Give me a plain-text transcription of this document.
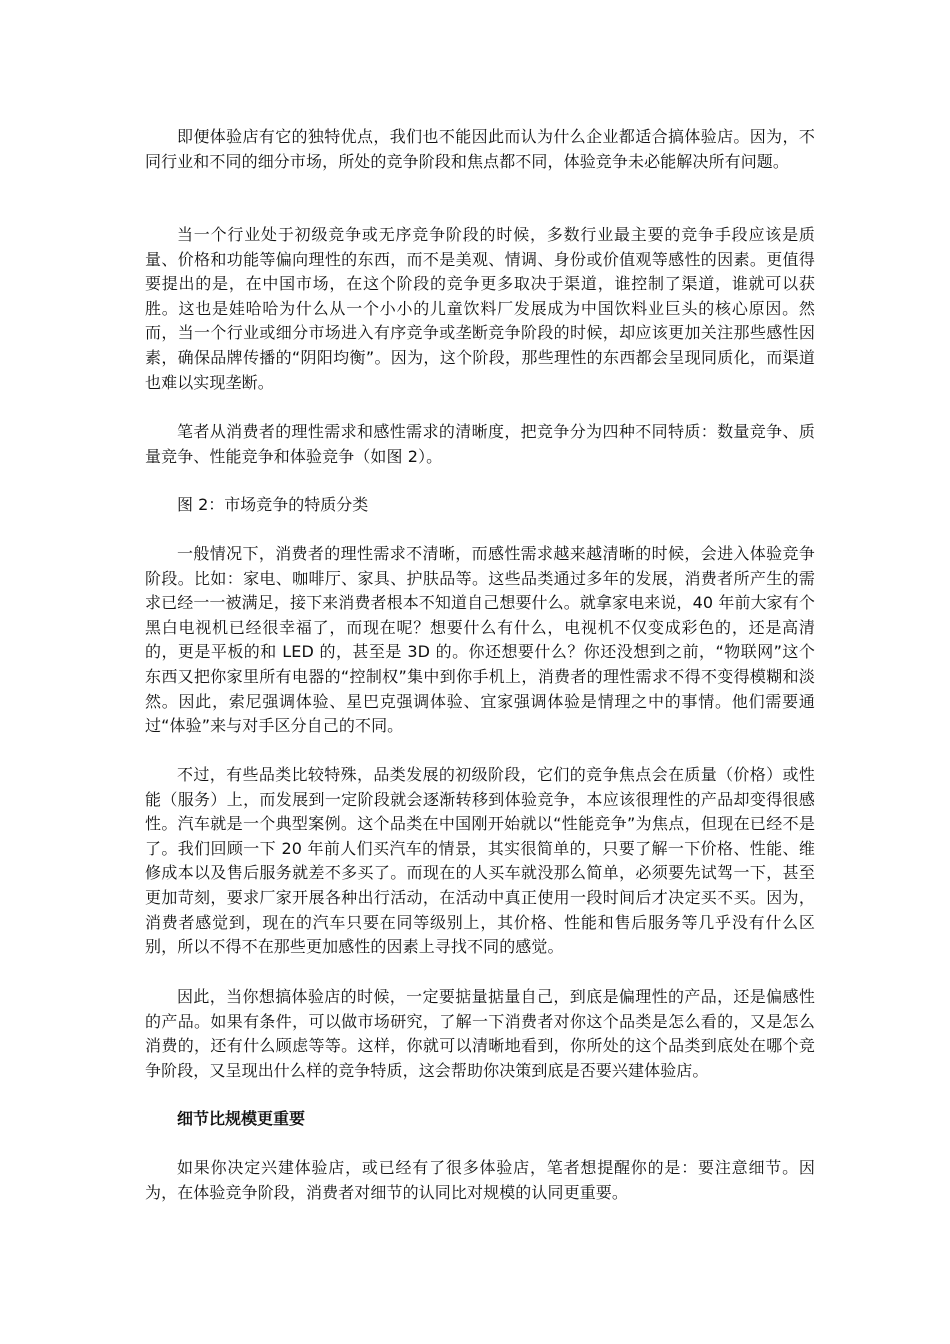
即便体验店有它的独特优点，我们也不能因此而认为什么企业都适合搞体验店。因为，不同行业和不同的细分市场，所处的竞争阶段和焦点都不同，体验竞争未必能解决所有问题。

当一个行业处于初级竞争或无序竞争阶段的时候，多数行业最主要的竞争手段应该是质量、价格和功能等偏向理性的东西，而不是美观、情调、身份或价值观等感性的因素。更值得要提出的是，在中国市场，在这个阶段的竞争更多取决于渠道，谁控制了渠道，谁就可以获胜。这也是娃哈哈为什么从一个小小的儿童饮料厂发展成为中国饮料业巨头的核心原因。然而，当一个行业或细分市场进入有序竞争或垄断竞争阶段的时候，却应该更加关注那些感性因素，确保品牌传播的“阴阳均衡”。因为，这个阶段，那些理性的东西都会呈现同质化，而渠道也难以实现垄断。

笔者从消费者的理性需求和感性需求的清晰度，把竞争分为四种不同特质：数量竞争、质量竞争、性能竞争和体验竞争（如图 2）。

图 2：市场竞争的特质分类

一般情况下，消费者的理性需求不清晰，而感性需求越来越清晰的时候，会进入体验竞争阶段。比如：家电、咖啡厅、家具、护肤品等。这些品类通过多年的发展，消费者所产生的需求已经一一被满足，接下来消费者根本不知道自己想要什么。就拿家电来说，40 年前大家有个黑白电视机已经很幸福了，而现在呢？想要什么有什么，电视机不仅变成彩色的，还是高清的，更是平板的和 LED 的，甚至是 3D 的。你还想要什么？你还没想到之前，“物联网”这个东西又把你家里所有电器的“控制权”集中到你手机上，消费者的理性需求不得不变得模糊和淡然。因此，索尼强调体验、星巴克强调体验、宜家强调体验是情理之中的事情。他们需要通过“体验”来与对手区分自己的不同。

不过，有些品类比较特殊，品类发展的初级阶段，它们的竞争焦点会在质量（价格）或性能（服务）上，而发展到一定阶段就会逐渐转移到体验竞争，本应该很理性的产品却变得很感性。汽车就是一个典型案例。这个品类在中国刚开始就以“性能竞争”为焦点，但现在已经不是了。我们回顾一下 20 年前人们买汽车的情景，其实很简单的，只要了解一下价格、性能、维修成本以及售后服务就差不多买了。而现在的人买车就没那么简单，必须要先试驾一下，甚至更加苛刻，要求厂家开展各种出行活动，在活动中真正使用一段时间后才决定买不买。因为，消费者感觉到，现在的汽车只要在同等级别上，其价格、性能和售后服务等几乎没有什么区别，所以不得不在那些更加感性的因素上寻找不同的感觉。

因此，当你想搞体验店的时候，一定要掂量掂量自己，到底是偏理性的产品，还是偏感性的产品。如果有条件，可以做市场研究，了解一下消费者对你这个品类是怎么看的，又是怎么消费的，还有什么顾虑等等。这样，你就可以清晰地看到，你所处的这个品类到底处在哪个竞争阶段，又呈现出什么样的竞争特质，这会帮助你决策到底是否要兴建体验店。

细节比规模更重要

如果你决定兴建体验店，或已经有了很多体验店，笔者想提醒你的是：要注意细节。因为，在体验竞争阶段，消费者对细节的认同比对规模的认同更重要。
